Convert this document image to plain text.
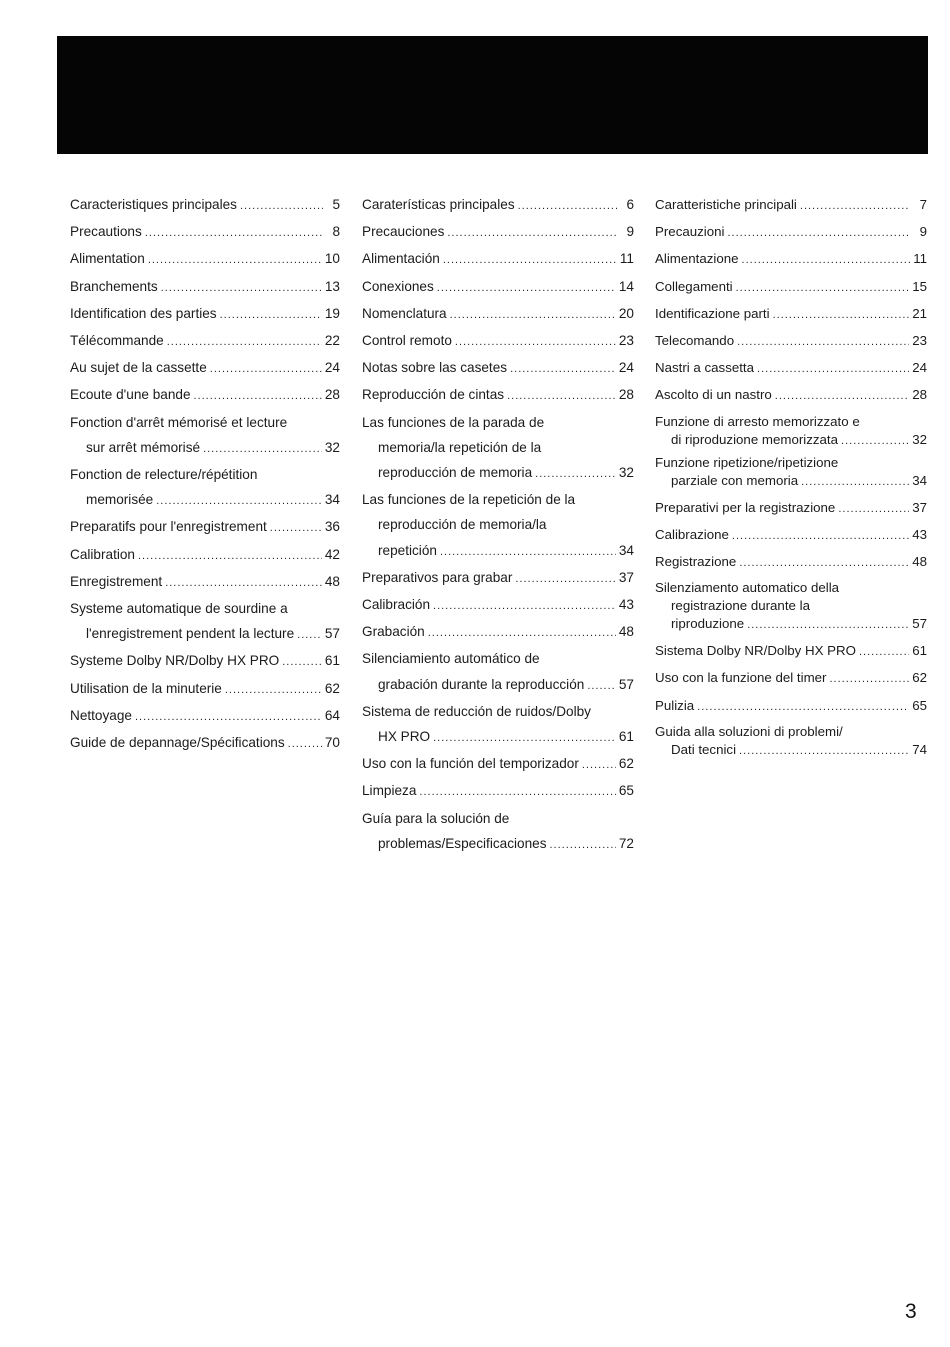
Caracteristiques principales .....	5
Precautions .....	8
Alimentation .....	10
Branchements .....	13
Identification des parties .....	19
Télécommande .....	22
Au sujet de la cassette .....	24
Ecoute d'une bande .....	28
Fonction d'arrêt mémorisé et lecture
sur arrêt mémorisé .....	32
Fonction de relecture/répétition
memorisée .....	34
Preparatifs pour l'enregistrement .....	36
Calibration .....	42
Enregistrement .....	48
Systeme automatique de sourdine a
l'enregistrement pendent la lecture ..... 57
Systeme Dolby NR/Dolby HX PRO .....	61
Utilisation de la minuterie .....	62
Nettoyage .....	64
Guide de depannage/Spécifications .....	70
Caraterísticas principales .....	6
Precauciones .....	9
Alimentación .....	11
Conexiones .....	14
Nomenclatura .....	20
Control remoto .....	23
Notas sobre las casetes .....	24
Reproducción de cintas .....	28
Las funciones de la parada de
memoria/la repetición de la
reproducción de memoria .....	32
Las funciones de la repetición de la
reproducción de memoria/la
repetición .....	34
Preparativos para grabar .....	37
Calibración .....	43
Grabación .....	48
Silenciamiento automático de
grabación durante la reproducción .....	57
Sistema de reducción de ruidos/Dolby
HX PRO .....	61
Uso con la función del temporizador .....	62
Limpieza .....	65
Guía para la solución de
problemas/Especificaciones .....	72
Caratteristiche principali .....	7
Precauzioni .....	9
Alimentazione .....	11
Collegamenti .....	15
Identificazione parti .....	21
Telecomando .....	23
Nastri a cassetta .....	24
Ascolto di un nastro .....	28
Funzione di arresto memorizzato e
di riproduzione memorizzata .....	32
Funzione ripetizione/ripetizione
parziale con memoria .....	34
Preparativi per la registrazione .....	37
Calibrazione .....	43
Registrazione .....	48
Silenziamento automatico della
registrazione durante la
riproduzione .....	57
Sistema Dolby NR/Dolby HX PRO .....	61
Uso con la funzione del timer .....	62
Pulizia .....	65
Guida alla soluzioni di problemi/
Dati tecnici .....	74
3
